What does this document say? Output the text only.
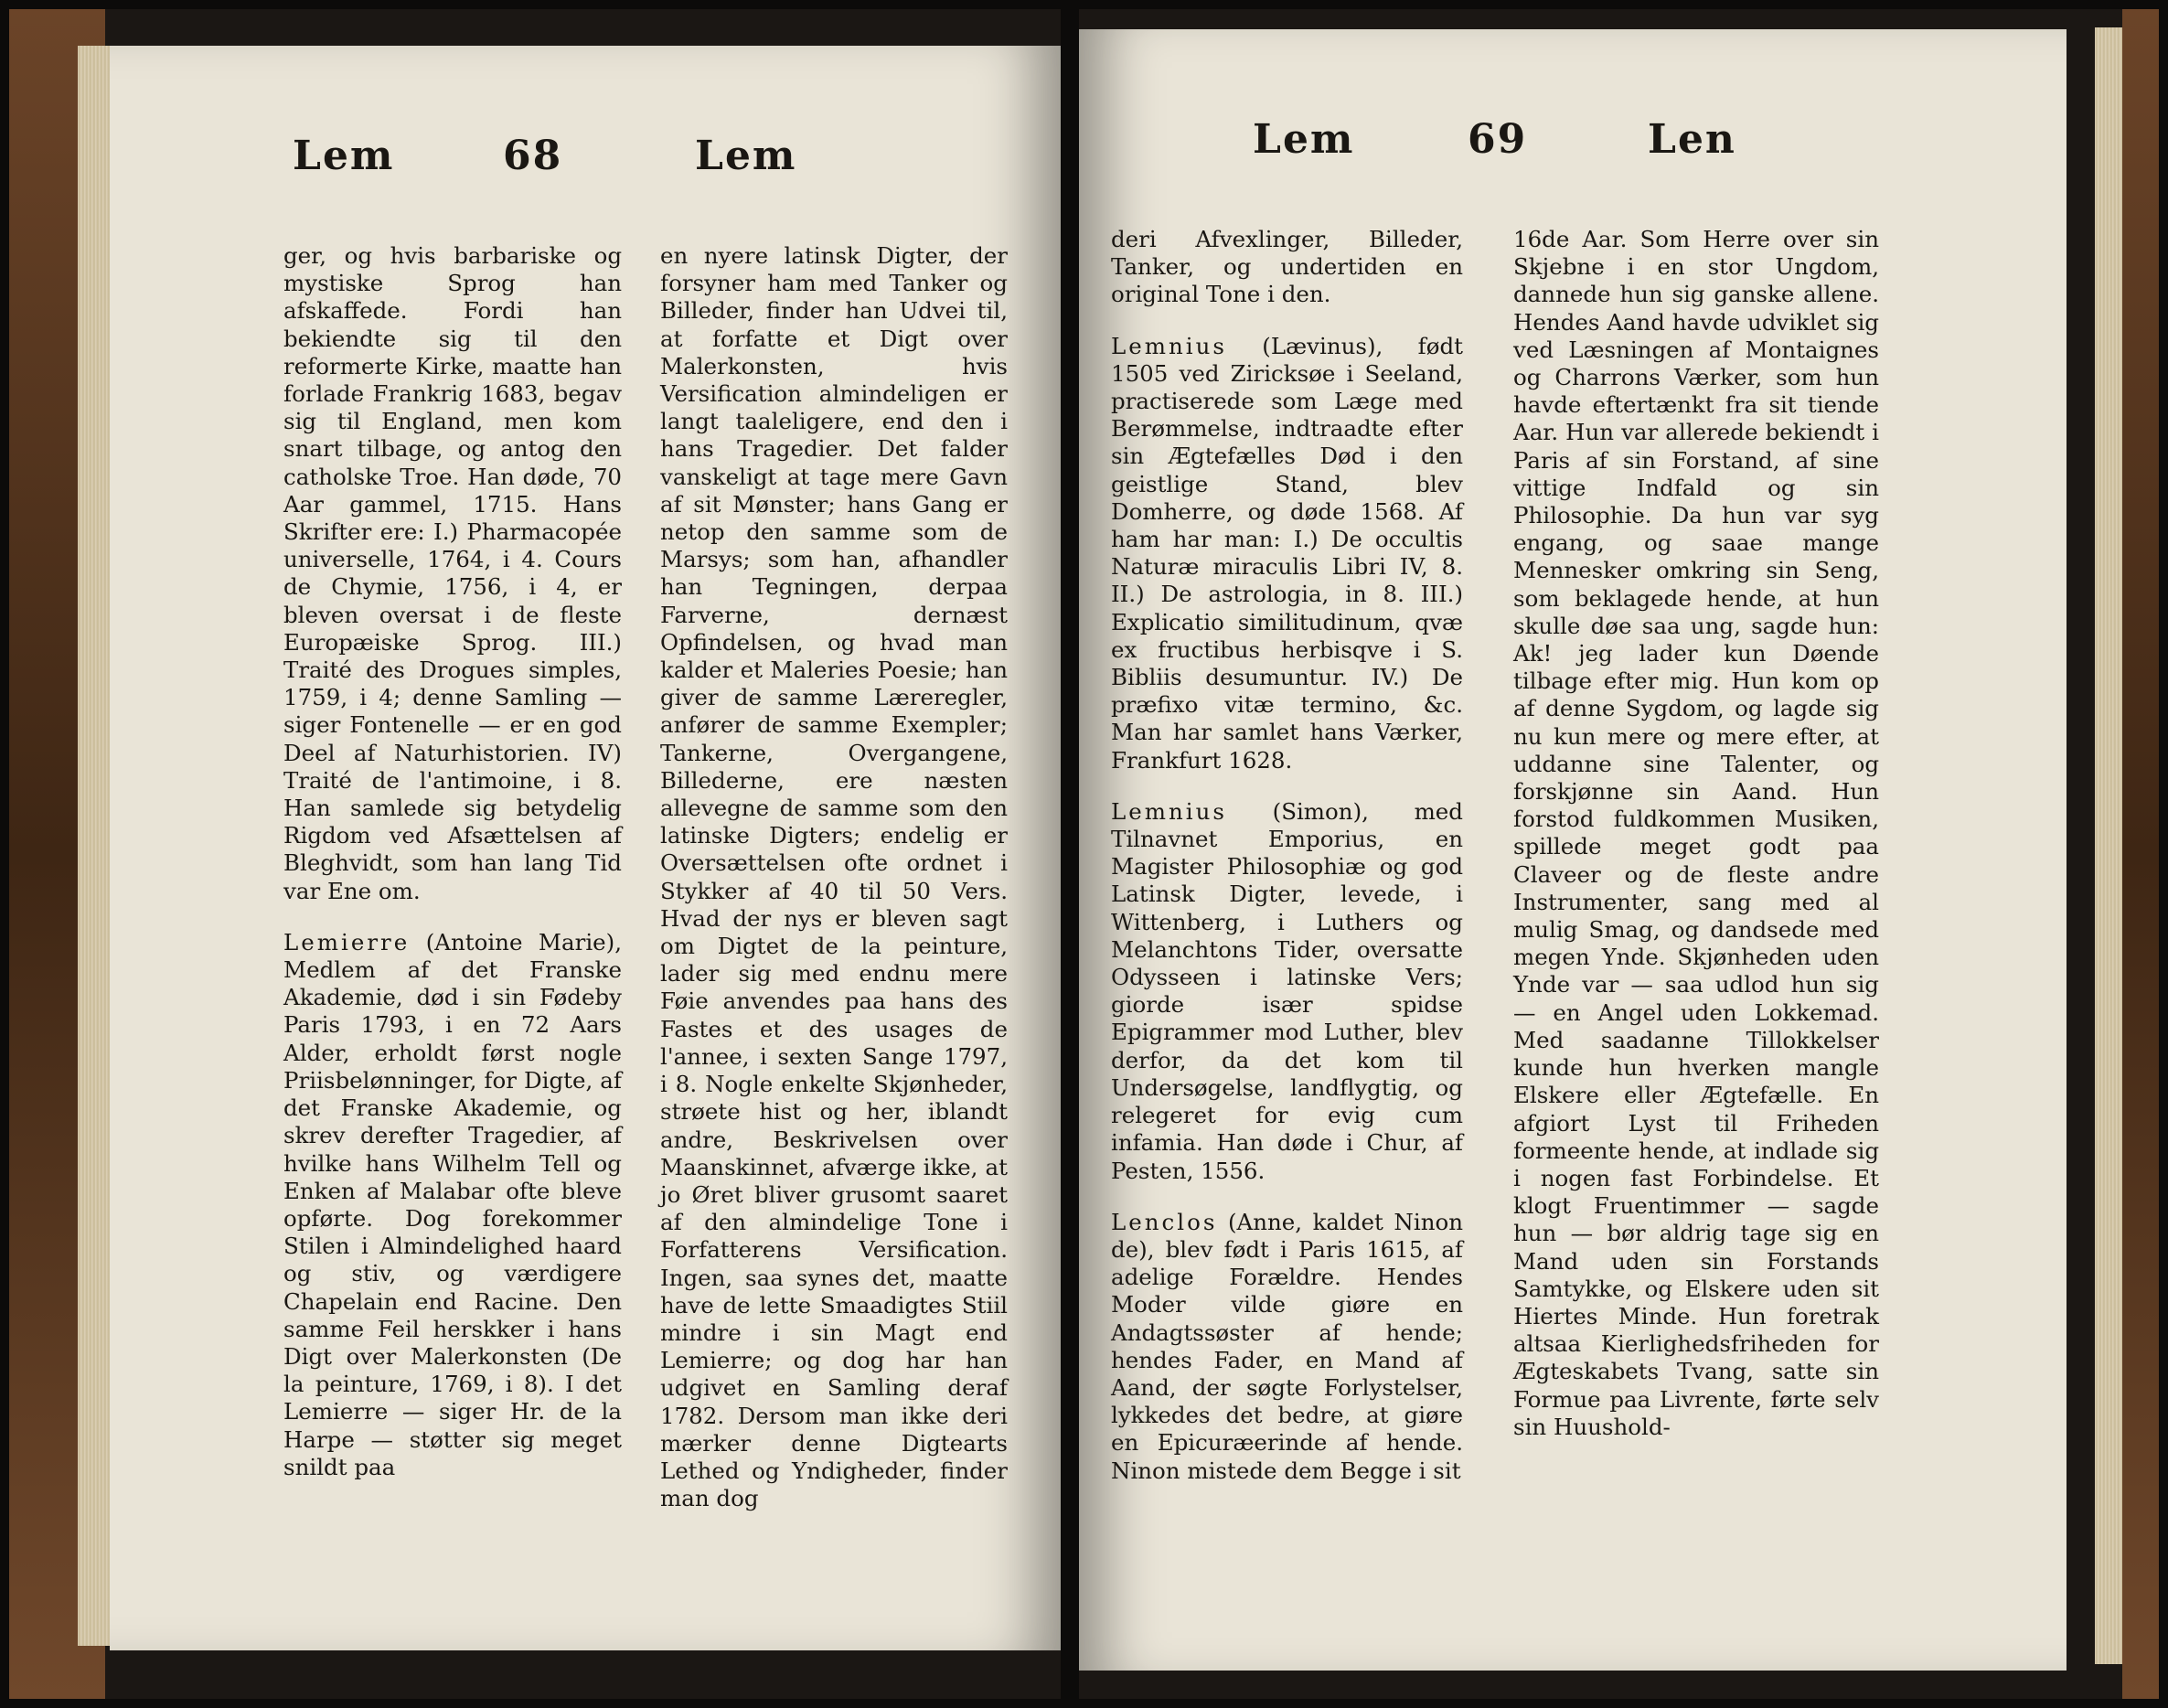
Lem	68	Lem

ger, og hvis barbariske og mystiske Sprog han afskaffede. Fordi han bekiendte sig til den reformerte Kirke, maatte han forlade Frankrig 1683, begav sig til England, men kom snart tilbage, og antog den catholske Troe. Han døde, 70 Aar gammel, 1715. Hans Skrifter ere: I.) Pharmacopée universelle, 1764, i 4. Cours de Chymie, 1756, i 4, er bleven oversat i de fleste Europæiske Sprog. III.) Traité des Drogues simples, 1759, i 4; denne Samling — siger Fontenelle — er en god Deel af Naturhistorien. IV) Traité de l'antimoine, i 8. Han samlede sig betydelig Rigdom ved Afsættelsen af Bleghvidt, som han lang Tid var Ene om.

Lemierre (Antoine Marie), Medlem af det Franske Akademie, død i sin Fødeby Paris 1793, i en 72 Aars Alder, erholdt først nogle Priisbelønninger, for Digte, af det Franske Akademie, og skrev derefter Tragedier, af hvilke hans Wilhelm Tell og Enken af Malabar ofte bleve opførte. Dog forekommer Stilen i Almindelighed haard og stiv, og værdigere Chapelain end Racine. Den samme Feil herskker i hans Digt over Malerkonsten (De la peinture, 1769, i 8). I det Lemierre — siger Hr. de la Harpe — støtter sig meget snildt paa

en nyere latinsk Digter, der forsyner ham med Tanker og Billeder, finder han Udvei til, at forfatte et Digt over Malerkonsten, hvis Versification almindeligen er langt taaleligere, end den i hans Tragedier. Det falder vanskeligt at tage mere Gavn af sit Mønster; hans Gang er netop den samme som de Marsys; som han, afhandler han Tegningen, derpaa Farverne, dernæst Opfindelsen, og hvad man kalder et Maleries Poesie; han giver de samme Læreregler, anfører de samme Exempler; Tankerne, Overgangene, Billederne, ere næsten allevegne de samme som den latinske Digters; endelig er Oversættelsen ofte ordnet i Stykker af 40 til 50 Vers. Hvad der nys er bleven sagt om Digtet de la peinture, lader sig med endnu mere Føie anvendes paa hans des Fastes et des usages de l'annee, i sexten Sange 1797, i 8. Nogle enkelte Skjønheder, strøete hist og her, iblandt andre, Beskrivelsen over Maanskinnet, afværge ikke, at jo Øret bliver grusomt saaret af den almindelige Tone i Forfatterens Versification. Ingen, saa synes det, maatte have de lette Smaadigtes Stiil mindre i sin Magt end Lemierre; og dog har han udgivet en Samling deraf 1782. Dersom man ikke deri mærker denne Digtearts Lethed og Yndigheder, finder man dog

Lem	69	Len

deri Afvexlinger, Billeder, Tanker, og undertiden en original Tone i den.

Lemnius (Lævinus), født 1505 ved Ziricksøe i Seeland, practiserede som Læge med Berømmelse, indtraadte efter sin Ægtefælles Død i den geistlige Stand, blev Domherre, og døde 1568. Af ham har man: I.) De occultis Naturæ miraculis Libri IV, 8. II.) De astrologia, in 8. III.) Explicatio similitudinum, qvæ ex fructibus herbisqve i S. Bibliis desumuntur. IV.) De præfixo vitæ termino, &c. Man har samlet hans Værker, Frankfurt 1628.

Lemnius (Simon), med Tilnavnet Emporius, en Magister Philosophiæ og god Latinsk Digter, levede, i Wittenberg, i Luthers og Melanchtons Tider, oversatte Odysseen i latinske Vers; giorde især spidse Epigrammer mod Luther, blev derfor, da det kom til Undersøgelse, landflygtig, og relegeret for evig cum infamia. Han døde i Chur, af Pesten, 1556.

Lenclos (Anne, kaldet Ninon de), blev født i Paris 1615, af adelige Forældre. Hendes Moder vilde giøre en Andagtssøster af hende; hendes Fader, en Mand af Aand, der søgte Forlystelser, lykkedes det bedre, at giøre en Epicuræerinde af hende. Ninon mistede dem Begge i sit

16de Aar. Som Herre over sin Skjebne i en stor Ungdom, dannede hun sig ganske allene. Hendes Aand havde udviklet sig ved Læsningen af Montaignes og Charrons Værker, som hun havde eftertænkt fra sit tiende Aar. Hun var allerede bekiendt i Paris af sin Forstand, af sine vittige Indfald og sin Philosophie. Da hun var syg engang, og saae mange Mennesker omkring sin Seng, som beklagede hende, at hun skulle døe saa ung, sagde hun: Ak! jeg lader kun Døende tilbage efter mig. Hun kom op af denne Sygdom, og lagde sig nu kun mere og mere efter, at uddanne sine Talenter, og forskjønne sin Aand. Hun forstod fuldkommen Musiken, spillede meget godt paa Claveer og de fleste andre Instrumenter, sang med al mulig Smag, og dandsede med megen Ynde. Skjønheden uden Ynde var — saa udlod hun sig — en Angel uden Lokkemad. Med saadanne Tillokkelser kunde hun hverken mangle Elskere eller Ægtefælle. En afgiort Lyst til Friheden formeente hende, at indlade sig i nogen fast Forbindelse. Et klogt Fruentimmer — sagde hun — bør aldrig tage sig en Mand uden sin Forstands Samtykke, og Elskere uden sit Hiertes Minde. Hun foretrak altsaa Kierlighedsfriheden for Ægteskabets Tvang, satte sin Formue paa Livrente, førte selv sin Huushold-
